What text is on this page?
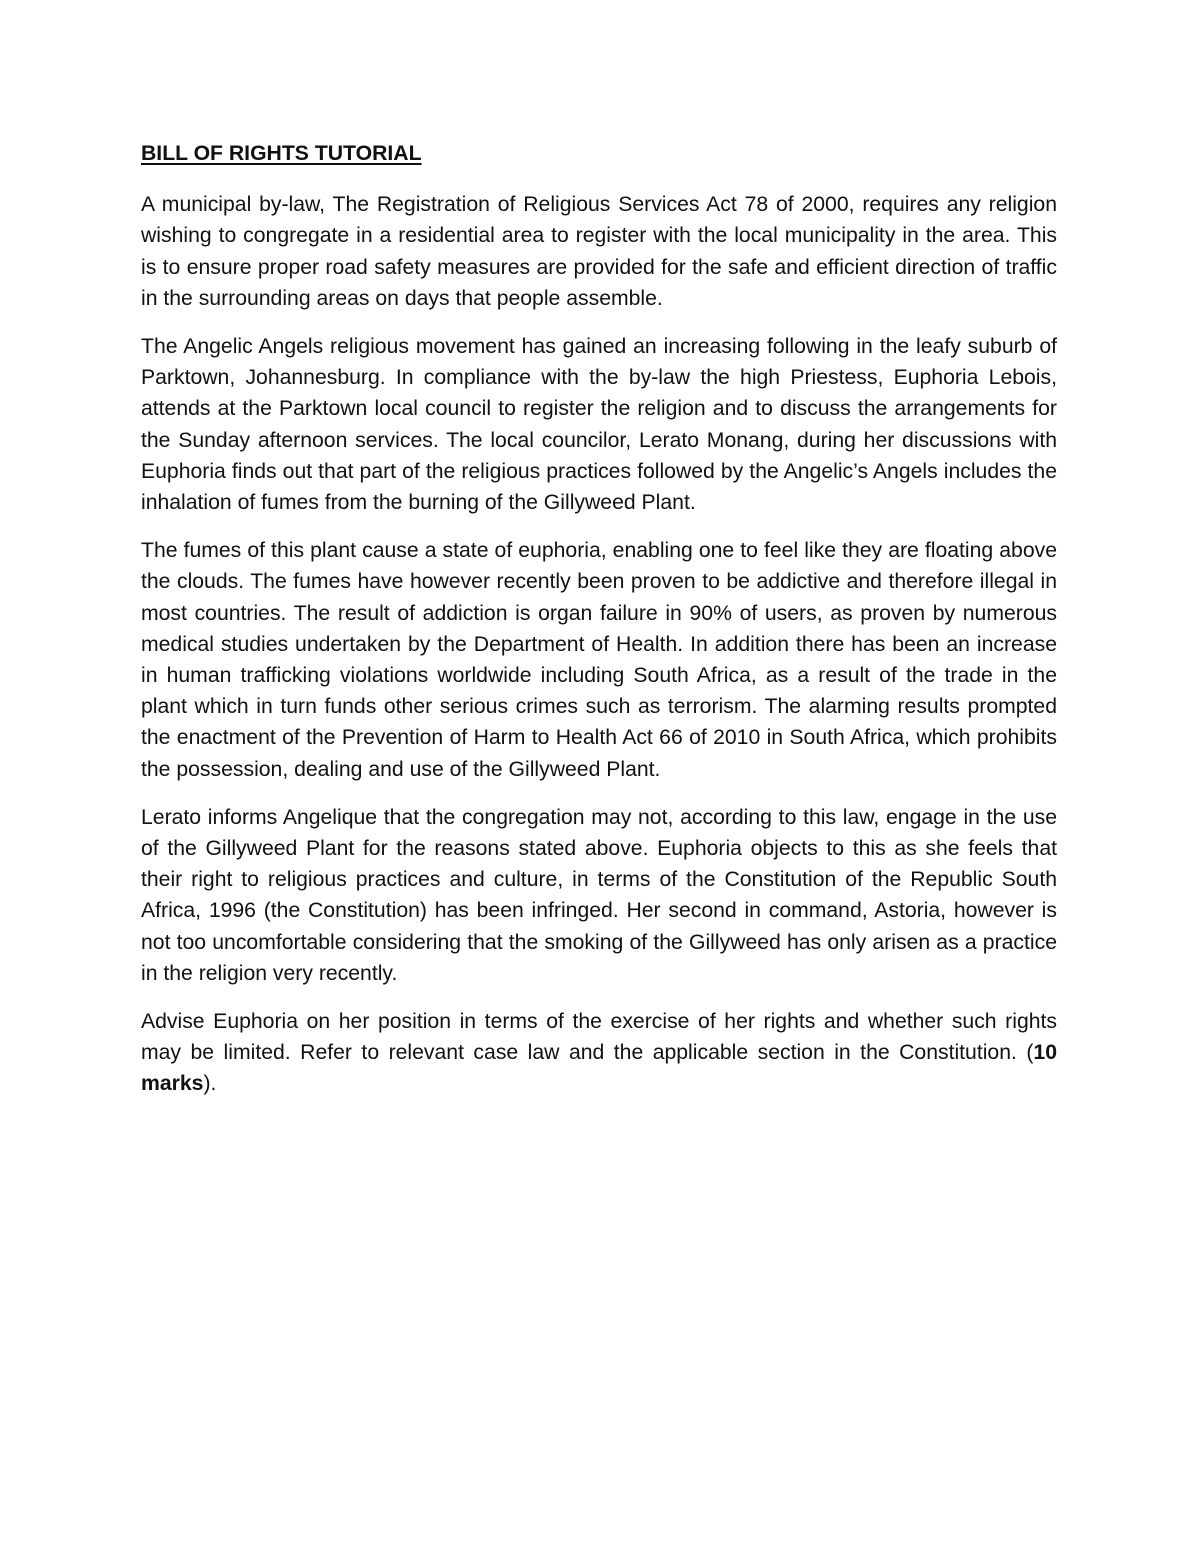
BILL OF RIGHTS TUTORIAL

A municipal by-law, The Registration of Religious Services Act 78 of 2000, requires any religion wishing to congregate in a residential area to register with the local municipality in the area. This is to ensure proper road safety measures are provided for the safe and efficient direction of traffic in the surrounding areas on days that people assemble.

The Angelic Angels religious movement has gained an increasing following in the leafy suburb of Parktown, Johannesburg. In compliance with the by-law the high Priestess, Euphoria Lebois, attends at the Parktown local council to register the religion and to discuss the arrangements for the Sunday afternoon services. The local councilor, Lerato Monang, during her discussions with Euphoria finds out that part of the religious practices followed by the Angelic’s Angels includes the inhalation of fumes from the burning of the Gillyweed Plant.

The fumes of this plant cause a state of euphoria, enabling one to feel like they are floating above the clouds. The fumes have however recently been proven to be addictive and therefore illegal in most countries. The result of addiction is organ failure in 90% of users, as proven by numerous medical studies undertaken by the Department of Health. In addition there has been an increase in human trafficking violations worldwide including South Africa, as a result of the trade in the plant which in turn funds other serious crimes such as terrorism. The alarming results prompted the enactment of the Prevention of Harm to Health Act 66 of 2010 in South Africa, which prohibits the possession, dealing and use of the Gillyweed Plant.

Lerato informs Angelique that the congregation may not, according to this law, engage in the use of the Gillyweed Plant for the reasons stated above. Euphoria objects to this as she feels that their right to religious practices and culture, in terms of the Constitution of the Republic South Africa, 1996 (the Constitution) has been infringed. Her second in command, Astoria, however is not too uncomfortable considering that the smoking of the Gillyweed has only arisen as a practice in the religion very recently.

Advise Euphoria on her position in terms of the exercise of her rights and whether such rights may be limited. Refer to relevant case law and the applicable section in the Constitution. (10 marks).
